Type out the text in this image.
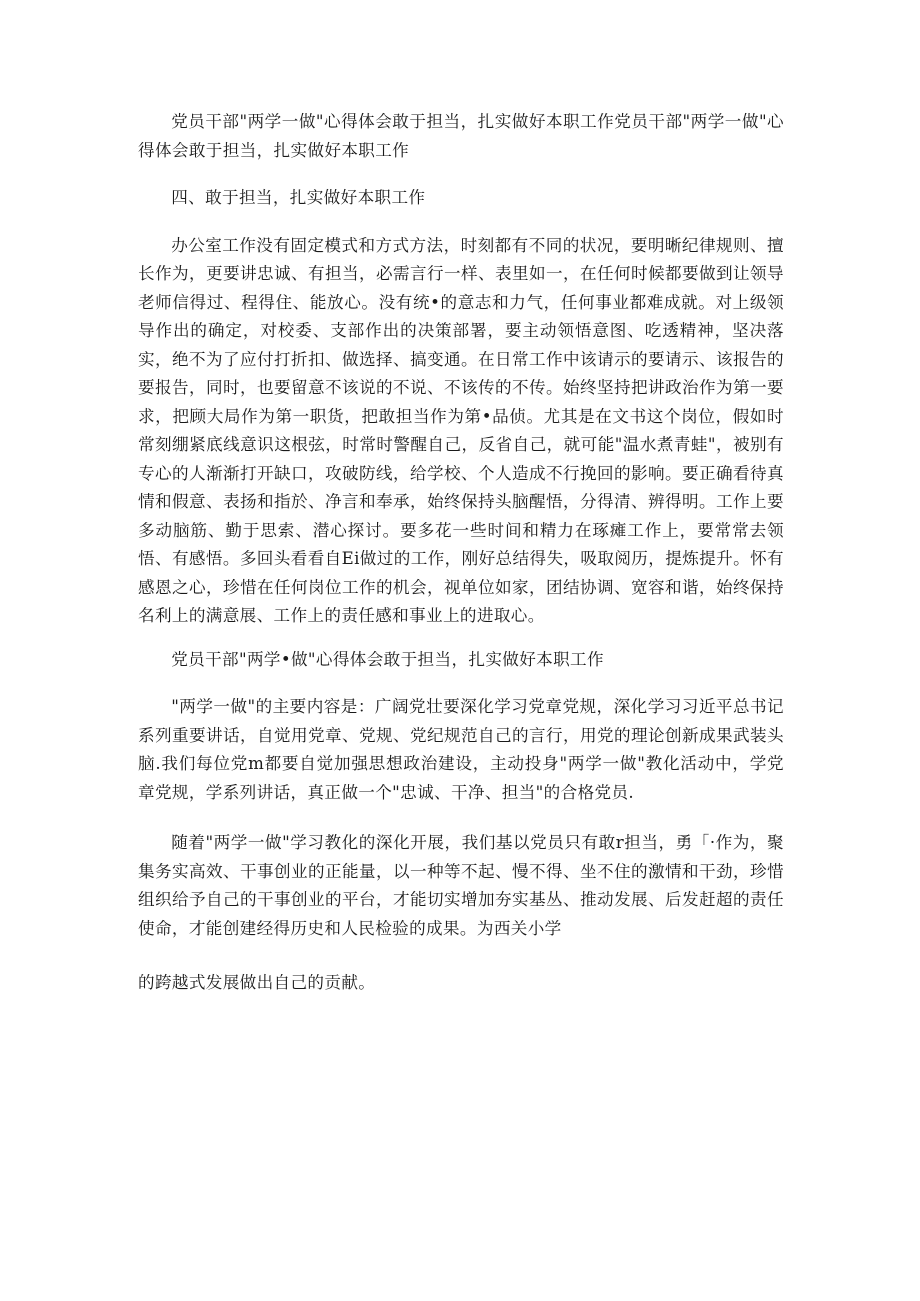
党员干部"两学一做"心得体会敢于担当，扎实做好本职工作党员干部"两学一做"心得体会敢于担当，扎实做好本职工作

四、敢于担当，扎实做好本职工作

办公室工作没有固定模式和方式方法，时刻都有不同的状况，要明晰纪律规则、擅长作为，更要讲忠诚、有担当，必需言行一样、表里如一，在任何时候都要做到让领导老师信得过、程得住、能放心。没有统•的意志和力气，任何事业都难成就。对上级领导作出的确定，对校委、支部作出的决策部署，要主动领悟意图、吃透精神，坚决落实，绝不为了应付打折扣、做选择、搞变通。在日常工作中该请示的要请示、该报告的要报告，同时，也要留意不该说的不说、不该传的不传。始终坚持把讲政治作为第一要求，把顾大局作为第一职货，把敢担当作为第•品侦。尤其是在文书这个岗位，假如时常刻绷紧底线意识这根弦，时常时警醒自己，反省自己，就可能"温水煮青蛙"，被别有专心的人渐渐打开缺口，攻破防线，给学校、个人造成不行挽回的影响。要正确看待真情和假意、表扬和指於、净言和奉承，始终保持头脑醒悟，分得清、辨得明。工作上要多动脑筋、勤于思索、潜心探讨。要多花一些时间和精力在琢瘫工作上，要常常去领悟、有感悟。多回头看看自Ei做过的工作，刚好总结得失，吸取阅历，提炼提升。怀有感恩之心，珍惜在任何岗位工作的机会，视单位如家，团结协调、宽容和谐，始终保持名利上的满意展、工作上的责任感和事业上的进取心。

党员干部"两学•做"心得体会敢于担当，扎实做好本职工作

"两学一做"的主要内容是：广阔党壮要深化学习党章党规，深化学习习近平总书记系列重要讲话，自觉用党章、党规、党纪规范自己的言行，用党的理论创新成果武装头脑.我们每位党m都要自觉加强思想政治建设，主动投身"两学一做"教化活动中，学党章党规，学系列讲话，真正做一个"忠诚、干净、担当"的合格党员.

随着"两学一做"学习教化的深化开展，我们基以党员只有敢r担当，勇「·作为，聚集务实高效、干事创业的正能量，以一种等不起、慢不得、坐不住的激情和干劲，珍惜组织给予自己的干事创业的平台，才能切实增加夯实基丛、推动发展、后发赶超的责任使命，才能创建经得历史和人民检验的成果。为西关小学

的跨越式发展做出自己的贡献。
